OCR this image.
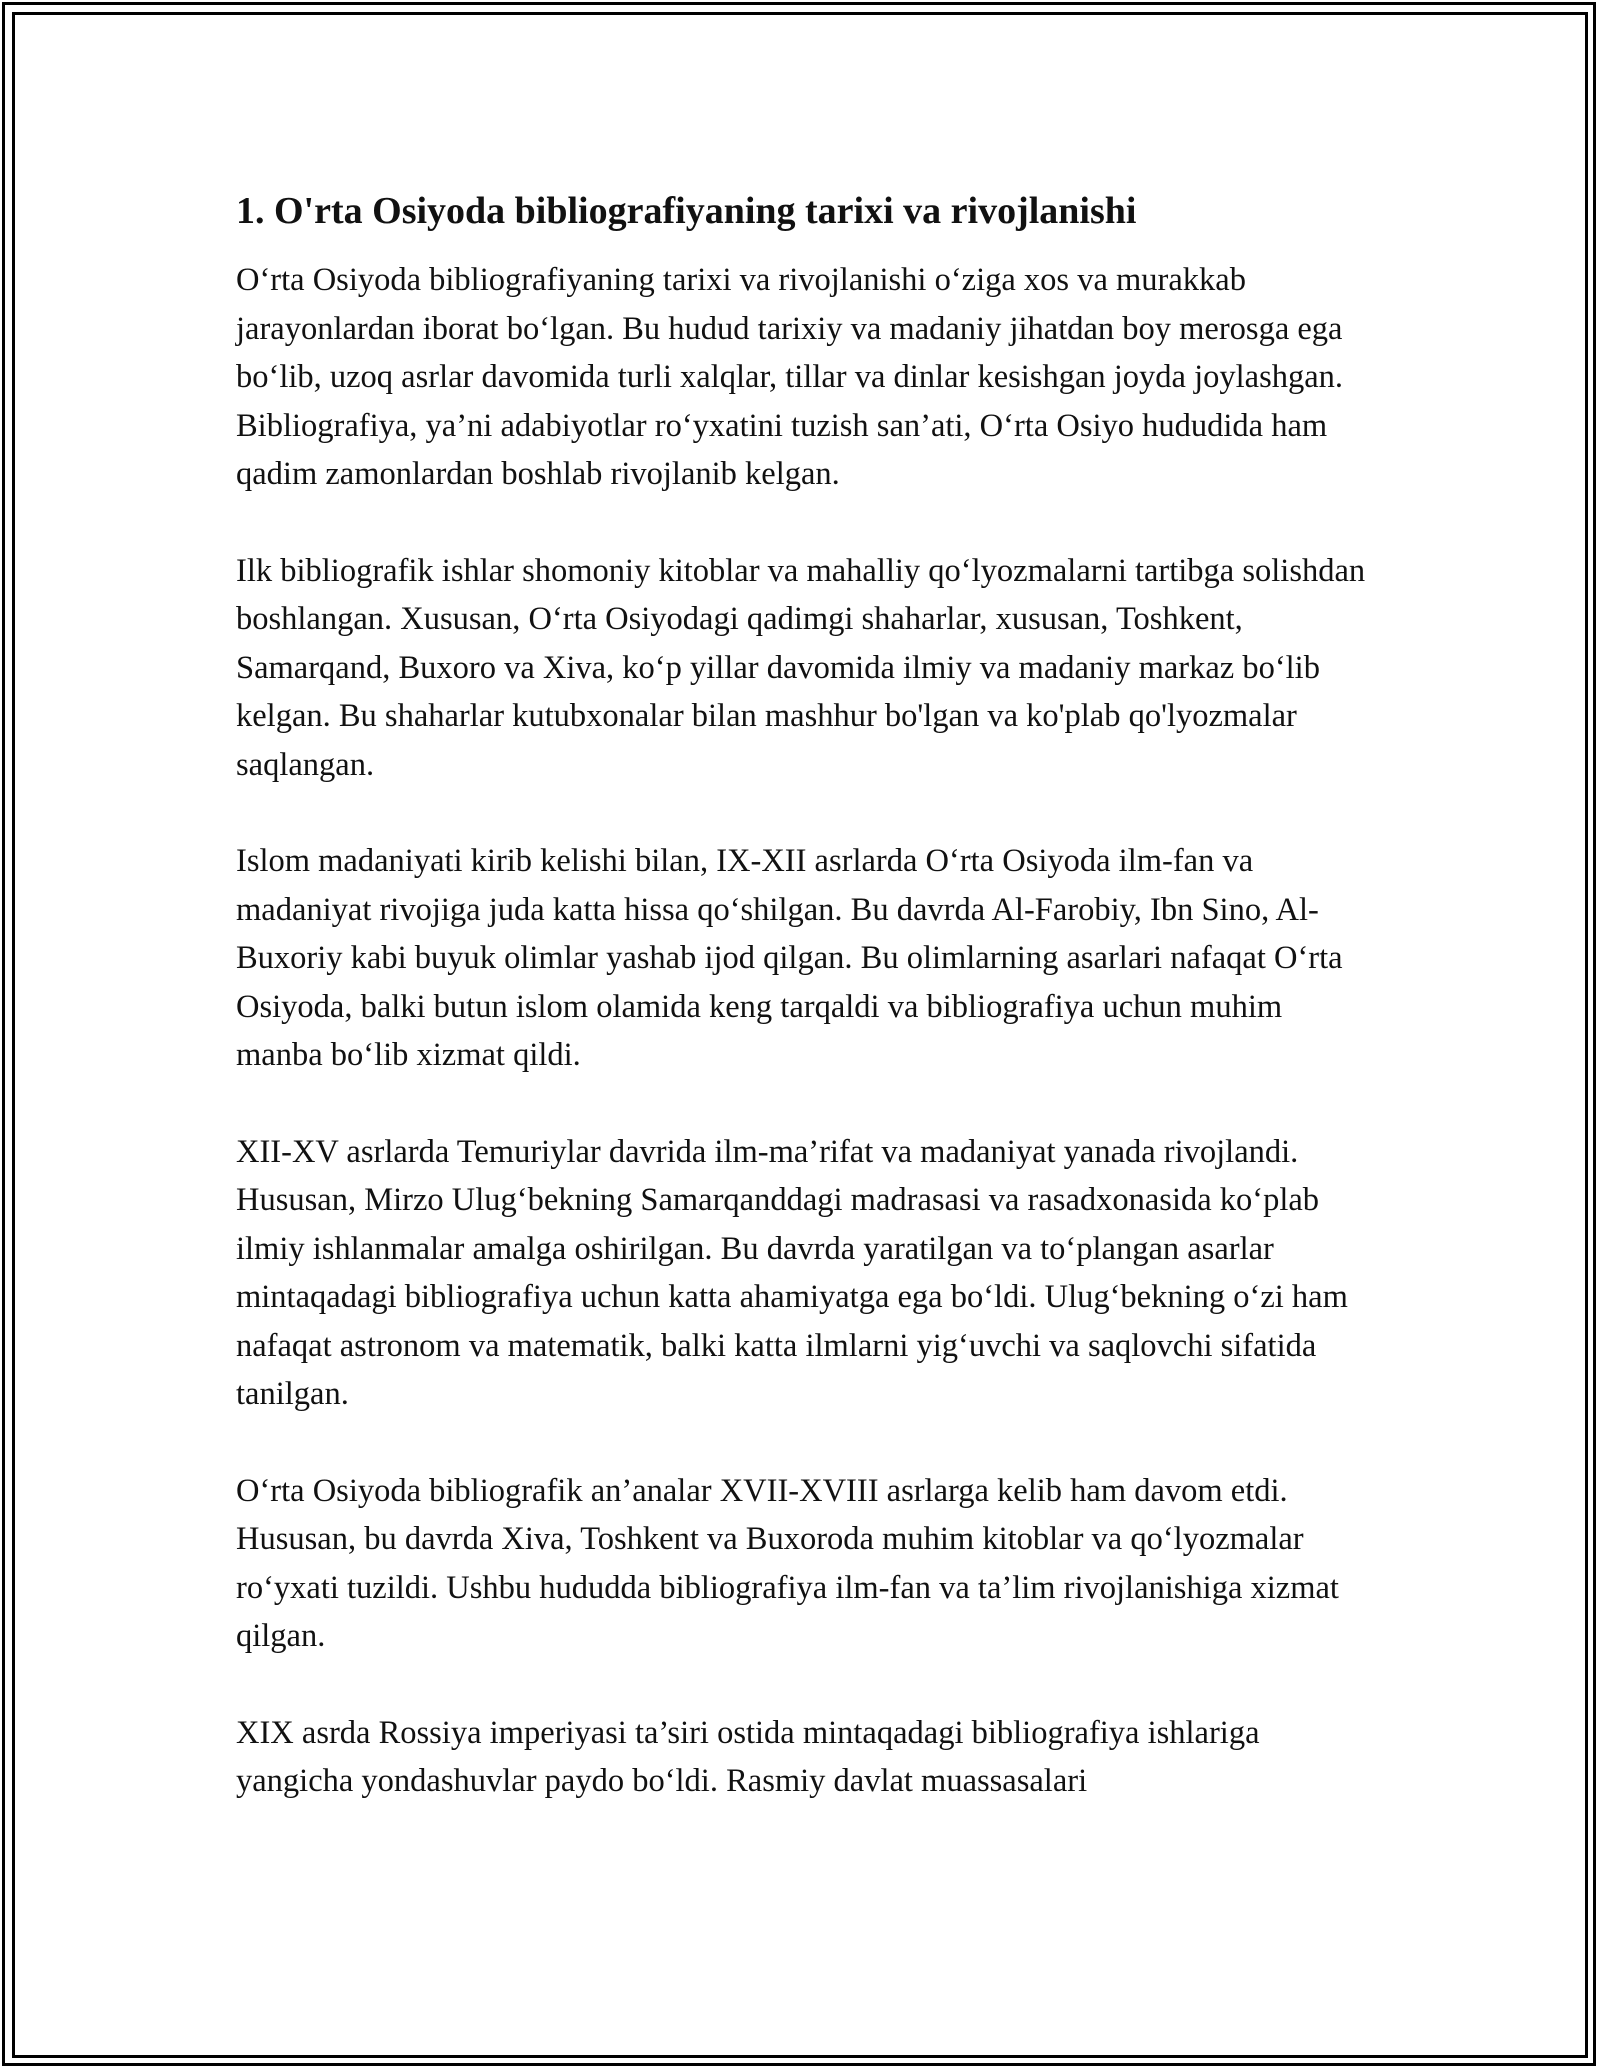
1. O'rta Osiyoda bibliografiyaning tarixi va rivojlanishi

O‘rta Osiyoda bibliografiyaning tarixi va rivojlanishi o‘ziga xos va murakkab jarayonlardan iborat bo‘lgan. Bu hudud tarixiy va madaniy jihatdan boy merosga ega bo‘lib, uzoq asrlar davomida turli xalqlar, tillar va dinlar kesishgan joyda joylashgan. Bibliografiya, ya’ni adabiyotlar ro‘yxatini tuzish san’ati, O‘rta Osiyo hududida ham qadim zamonlardan boshlab rivojlanib kelgan.

Ilk bibliografik ishlar shomoniy kitoblar va mahalliy qo‘lyozmalarni tartibga solishdan boshlangan. Xususan, O‘rta Osiyodagi qadimgi shaharlar, xususan, Toshkent, Samarqand, Buxoro va Xiva, ko‘p yillar davomida ilmiy va madaniy markaz bo‘lib kelgan. Bu shaharlar kutubxonalar bilan mashhur bo'lgan va ko'plab qo'lyozmalar saqlangan.

Islom madaniyati kirib kelishi bilan, IX-XII asrlarda O‘rta Osiyoda ilm-fan va madaniyat rivojiga juda katta hissa qo‘shilgan. Bu davrda Al-Farobiy, Ibn Sino, Al-Buxoriy kabi buyuk olimlar yashab ijod qilgan. Bu olimlarning asarlari nafaqat O‘rta Osiyoda, balki butun islom olamida keng tarqaldi va bibliografiya uchun muhim manba bo‘lib xizmat qildi.

XII-XV asrlarda Temuriylar davrida ilm-ma’rifat va madaniyat yanada rivojlandi. Hususan, Mirzo Ulug‘bekning Samarqanddagi madrasasi va rasadxonasida ko‘plab ilmiy ishlanmalar amalga oshirilgan. Bu davrda yaratilgan va to‘plangan asarlar mintaqadagi bibliografiya uchun katta ahamiyatga ega bo‘ldi. Ulug‘bekning o‘zi ham nafaqat astronom va matematik, balki katta ilmlarni yig‘uvchi va saqlovchi sifatida tanilgan.

O‘rta Osiyoda bibliografik an’analar XVII-XVIII asrlarga kelib ham davom etdi. Hususan, bu davrda Xiva, Toshkent va Buxoroda muhim kitoblar va qo‘lyozmalar ro‘yxati tuzildi. Ushbu hududda bibliografiya ilm-fan va ta’lim rivojlanishiga xizmat qilgan.

XIX asrda Rossiya imperiyasi ta’siri ostida mintaqadagi bibliografiya ishlariga yangicha yondashuvlar paydo bo‘ldi. Rasmiy davlat muassasalari
